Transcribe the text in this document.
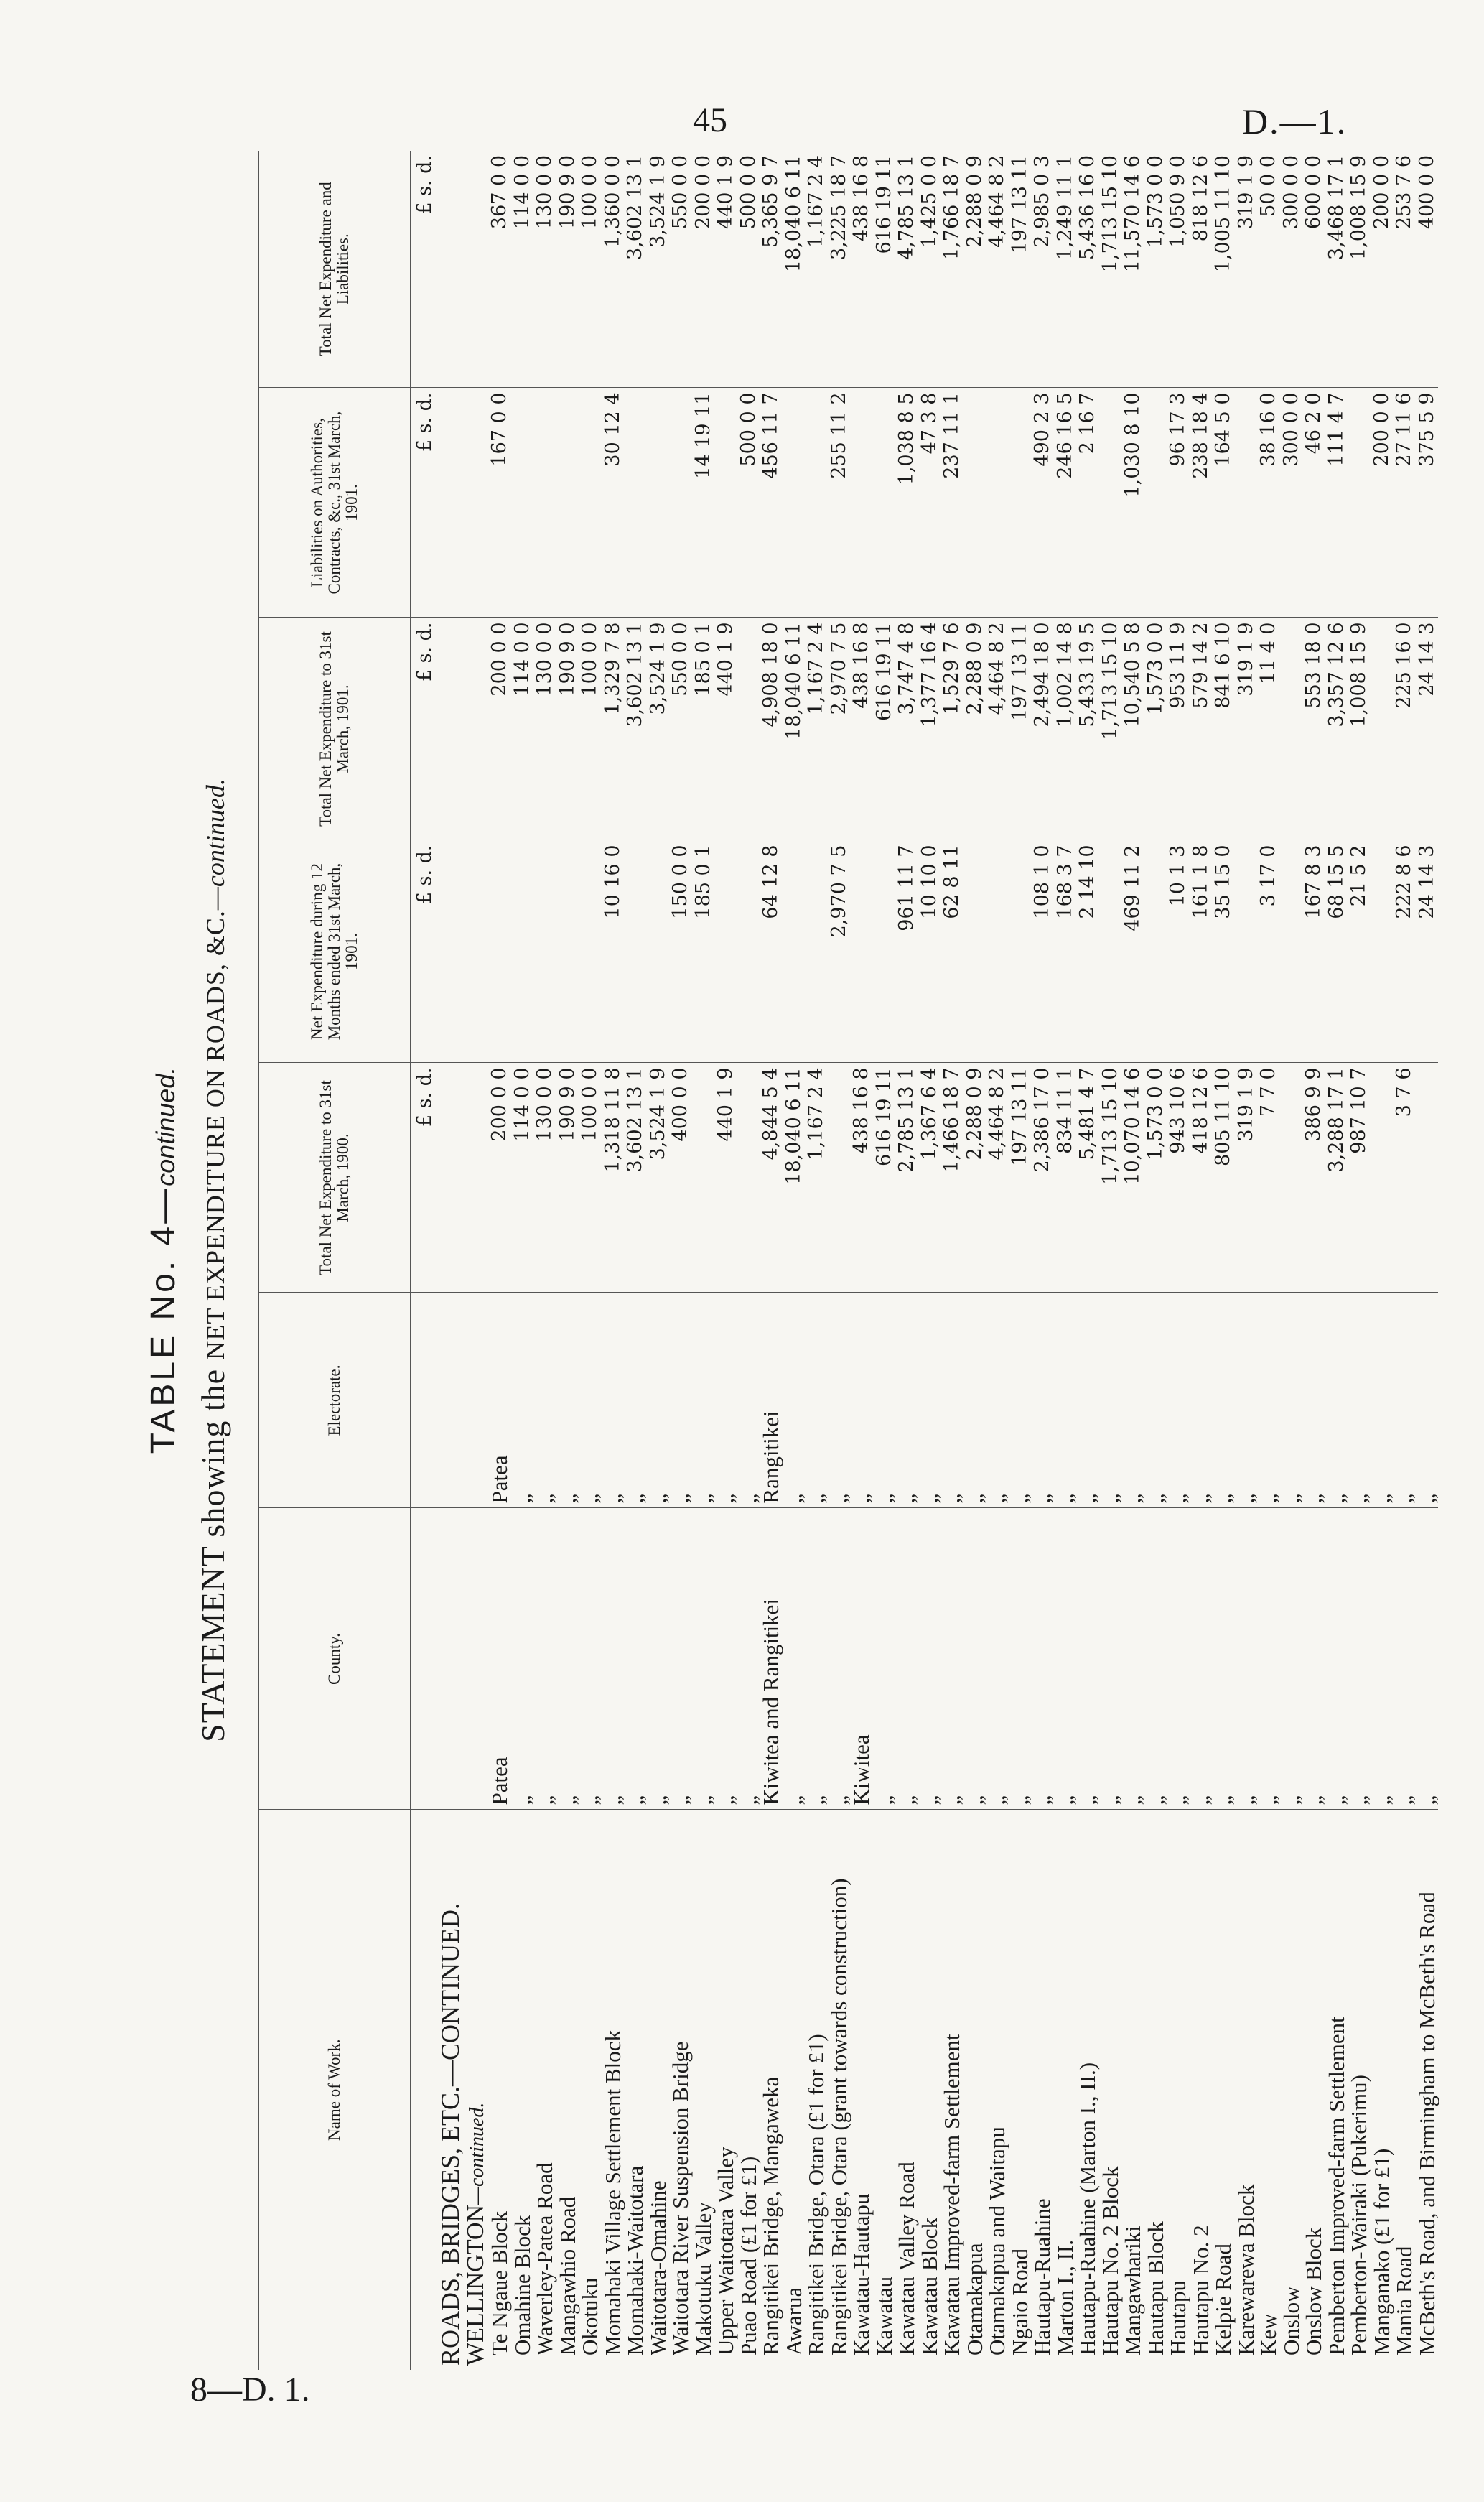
45	D.—1.
8—D. 1.
TABLE No. 4—continued.
STATEMENT showing the NET EXPENDITURE ON ROADS, &C.—continued.
Name of Work.	County.	Electorate.	Total Net Expenditure to 31st March, 1900.	Net Expenditure during 12 Months ended 31st March, 1901.	Total Net Expenditure to 31st March, 1901.	Liabilities on Authorities, Contracts, &c., 31st March, 1901.	Total Net Expenditure and Liabilities.
			£ s. d.	£ s. d.	£ s. d.	£ s. d.	£ s. d.
ROADS, BRIDGES, ETC.—CONTINUED.							
WELLINGTON—continued.							
Te Ngaue Block	Patea	Patea	200 0 0		200 0 0	167 0 0	367 0 0
Omahine Block	„	„	114 0 0		114 0 0		114 0 0
Waverley-Patea Road	„	„	130 0 0		130 0 0		130 0 0
Mangawhio Road	„	„	190 9 0		190 9 0		190 9 0
Okotuku	„	„	100 0 0		100 0 0		100 0 0
Momahaki Village Settlement Block	„	„	1,318 11 8	10 16 0	1,329 7 8	30 12 4	1,360 0 0
Momahaki-Waitotara	„	„	3,602 13 1		3,602 13 1		3,602 13 1
Waitotara-Omahine	„	„	3,524 1 9		3,524 1 9		3,524 1 9
Waitotara River Suspension Bridge	„	„	400 0 0	150 0 0	550 0 0		550 0 0
Makotuku Valley	„	„		185 0 1	185 0 1	14 19 11	200 0 0
Upper Waitotara Valley	„	„	440 1 9		440 1 9		440 1 9
Puao Road (£1 for £1)	„	„				500 0 0	500 0 0
Rangitikei Bridge, Mangaweka	Kiwitea and Rangitikei	Rangitikei	4,844 5 4	64 12 8	4,908 18 0	456 11 7	5,365 9 7
Awarua	„	„	18,040 6 11		18,040 6 11		18,040 6 11
Rangitikei Bridge, Otara (£1 for £1)	„	„	1,167 2 4		1,167 2 4		1,167 2 4
Rangitikei Bridge, Otara (grant towards construction)	„	„		2,970 7 5	2,970 7 5	255 11 2	3,225 18 7
Kawatau-Hautapu	Kiwitea	„	438 16 8		438 16 8		438 16 8
Kawatau	„	„	616 19 11		616 19 11		616 19 11
Kawatau Valley Road	„	„	2,785 13 1	961 11 7	3,747 4 8	1,038 8 5	4,785 13 1
Kawatau Block	„	„	1,367 6 4	10 10 0	1,377 16 4	47 3 8	1,425 0 0
Kawatau Improved-farm Settlement	„	„	1,466 18 7	62 8 11	1,529 7 6	237 11 1	1,766 18 7
Otamakapua	„	„	2,288 0 9		2,288 0 9		2,288 0 9
Otamakapua and Waitapu	„	„	4,464 8 2		4,464 8 2		4,464 8 2
Ngaio Road	„	„	197 13 11		197 13 11		197 13 11
Hautapu-Ruahine	„	„	2,386 17 0	108 1 0	2,494 18 0	490 2 3	2,985 0 3
Marton I., II.	„	„	834 11 1	168 3 7	1,002 14 8	246 16 5	1,249 11 1
Hautapu-Ruahine (Marton I., II.)	„	„	5,481 4 7	2 14 10	5,433 19 5	2 16 7	5,436 16 0
Hautapu No. 2 Block	„	„	1,713 15 10		1,713 15 10		1,713 15 10
Mangawhariki	„	„	10,070 14 6	469 11 2	10,540 5 8	1,030 8 10	11,570 14 6
Hautapu Block	„	„	1,573 0 0		1,573 0 0		1,573 0 0
Hautapu	„	„	943 10 6	10 1 3	953 11 9	96 17 3	1,050 9 0
Hautapu No. 2	„	„	418 12 6	161 1 8	579 14 2	238 18 4	818 12 6
Kelpie Road	„	„	805 11 10	35 15 0	841 6 10	164 5 0	1,005 11 10
Karewarewa Block	„	„	319 1 9		319 1 9		319 1 9
Kew	„	„	7 7 0	3 17 0	11 4 0	38 16 0	50 0 0
Onslow	„	„				300 0 0	300 0 0
Onslow Block	„	„	386 9 9	167 8 3	553 18 0	46 2 0	600 0 0
Pemberton Improved-farm Settlement	„	„	3,288 17 1	68 15 5	3,357 12 6	111 4 7	3,468 17 1
Pemberton-Wairaki (Pukerimu)	„	„	987 10 7	21 5 2	1,008 15 9		1,008 15 9
Manganako (£1 for £1)	„	„				200 0 0	200 0 0
Mania Road	„	„	3 7 6	222 8 6	225 16 0	27 11 6	253 7 6
McBeth's Road, and Birmingham to McBeth's Road	„	„		24 14 3	24 14 3	375 5 9	400 0 0
